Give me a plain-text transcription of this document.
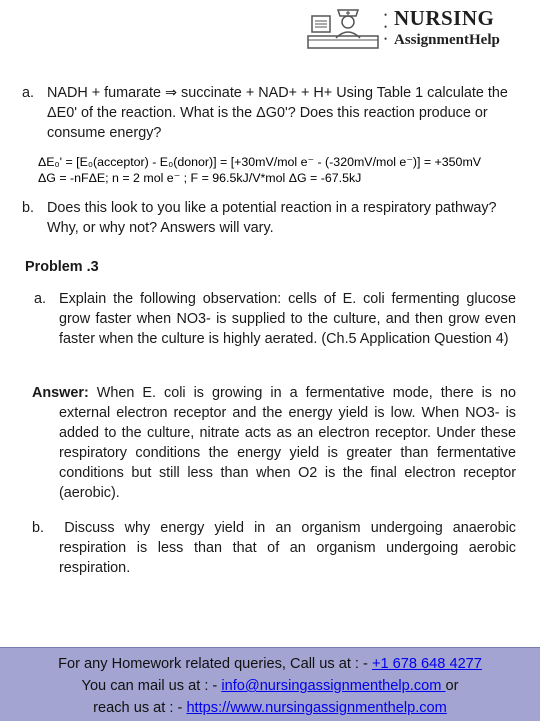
•
•
•
NURSING
AssignmentHelp
a. NADH + fumarate ⇒ succinate + NAD+ + H+ Using Table 1 calculate the ΔE0' of the reaction. What is the ΔG0'? Does this reaction produce or consume energy?
ΔE₀' = [E₀(acceptor) - E₀(donor)] = [+30mV/mol e⁻ - (-320mV/mol e⁻)] = +350mV
ΔG = -nFΔE; n = 2 mol e⁻ ; F = 96.5kJ/V*mol ΔG = -67.5kJ
b. Does this look to you like a potential reaction in a respiratory pathway? Why, or why not? Answers will vary.
Problem .3
a. Explain the following observation: cells of E. coli fermenting glucose grow faster when NO3- is supplied to the culture, and then grow even faster when the culture is highly aerated. (Ch.5 Application Question 4)
Answer: When E. coli is growing in a fermentative mode, there is no external electron receptor and the energy yield is low. When NO3- is added to the culture, nitrate acts as an electron receptor. Under these respiratory conditions the energy yield is greater than fermentative conditions but still less than when O2 is the final electron receptor (aerobic).
b. Discuss why energy yield in an organism undergoing anaerobic respiration is less than that of an organism undergoing aerobic respiration.
For any Homework related queries, Call us at : - +1 678 648 4277
You can mail us at : - info@nursingassignmenthelp.com or
reach us at : - https://www.nursingassignmenthelp.com
